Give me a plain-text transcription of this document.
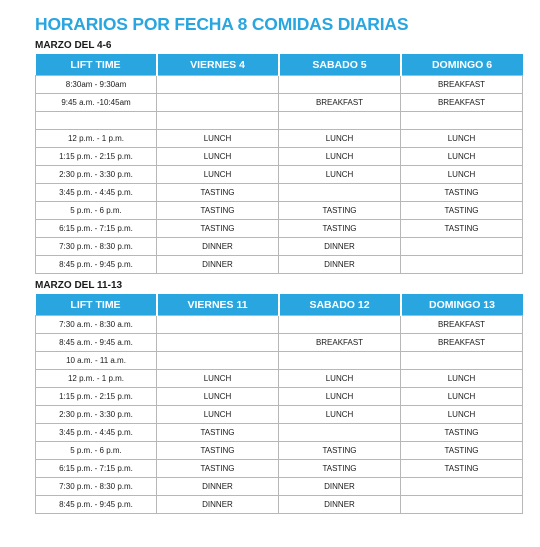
HORARIOS POR FECHA 8 COMIDAS DIARIAS
MARZO DEL 4-6
LIFT TIME	VIERNES 4	SABADO 5	DOMINGO 6
8:30am - 9:30am			BREAKFAST
9:45 a.m. -10:45am		BREAKFAST	BREAKFAST

12 p.m. - 1 p.m.	LUNCH	LUNCH	LUNCH
1:15 p.m. - 2:15 p.m.	LUNCH	LUNCH	LUNCH
2:30 p.m. - 3:30 p.m.	LUNCH	LUNCH	LUNCH
3:45 p.m. - 4:45 p.m.	TASTING		TASTING
5 p.m. - 6 p.m.	TASTING	TASTING	TASTING
6:15 p.m. - 7:15 p.m.	TASTING	TASTING	TASTING
7:30 p.m. - 8:30 p.m.	DINNER	DINNER	
8:45 p.m. - 9:45 p.m.	DINNER	DINNER	
MARZO DEL 11-13
LIFT TIME	VIERNES 11	SABADO 12	DOMINGO 13
7:30 a.m. - 8:30 a.m.			BREAKFAST
8:45 a.m. - 9:45 a.m.		BREAKFAST	BREAKFAST
10 a.m. - 11 a.m.			
12 p.m. - 1 p.m.	LUNCH	LUNCH	LUNCH
1:15 p.m. - 2:15 p.m.	LUNCH	LUNCH	LUNCH
2:30 p.m. - 3:30 p.m.	LUNCH	LUNCH	LUNCH
3:45 p.m. - 4:45 p.m.	TASTING		TASTING
5 p.m. - 6 p.m.	TASTING	TASTING	TASTING
6:15 p.m. - 7:15 p.m.	TASTING	TASTING	TASTING
7:30 p.m. - 8:30 p.m.	DINNER	DINNER	
8:45 p.m. - 9:45 p.m.	DINNER	DINNER	
